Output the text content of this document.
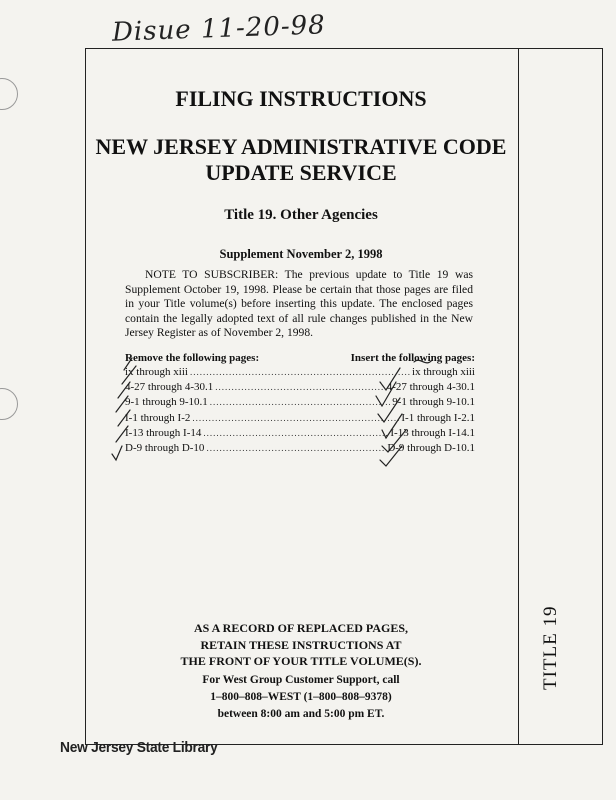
Disue 11-20-98
FILING INSTRUCTIONS
NEW JERSEY ADMINISTRATIVE CODE
UPDATE SERVICE

Title 19. Other Agencies

Supplement November 2, 1998

NOTE TO SUBSCRIBER: The previous update to Title 19 was Supplement October 19, 1998. Please be certain that those pages are filed in your Title volume(s) before inserting this update. The enclosed pages contain the legally adopted text of all rule changes published in the New Jersey Register as of November 2, 1998.

Remove the following pages:	Insert the following pages:
ix through xiii .....	ix through xiii
4-27 through 4-30.1 .....	4-27 through 4-30.1
9-1 through 9-10.1 .....	9-1 through 9-10.1
I-1 through I-2 .....	I-1 through I-2.1
I-13 through I-14 .....	I-13 through I-14.1
D-9 through D-10 .....	D-9 through D-10.1

AS A RECORD OF REPLACED PAGES,
RETAIN THESE INSTRUCTIONS AT
THE FRONT OF YOUR TITLE VOLUME(S).

For West Group Customer Support, call
1–800–808–WEST (1–800–808–9378)
between 8:00 am and 5:00 pm ET.

TITLE 19
New Jersey State Library
